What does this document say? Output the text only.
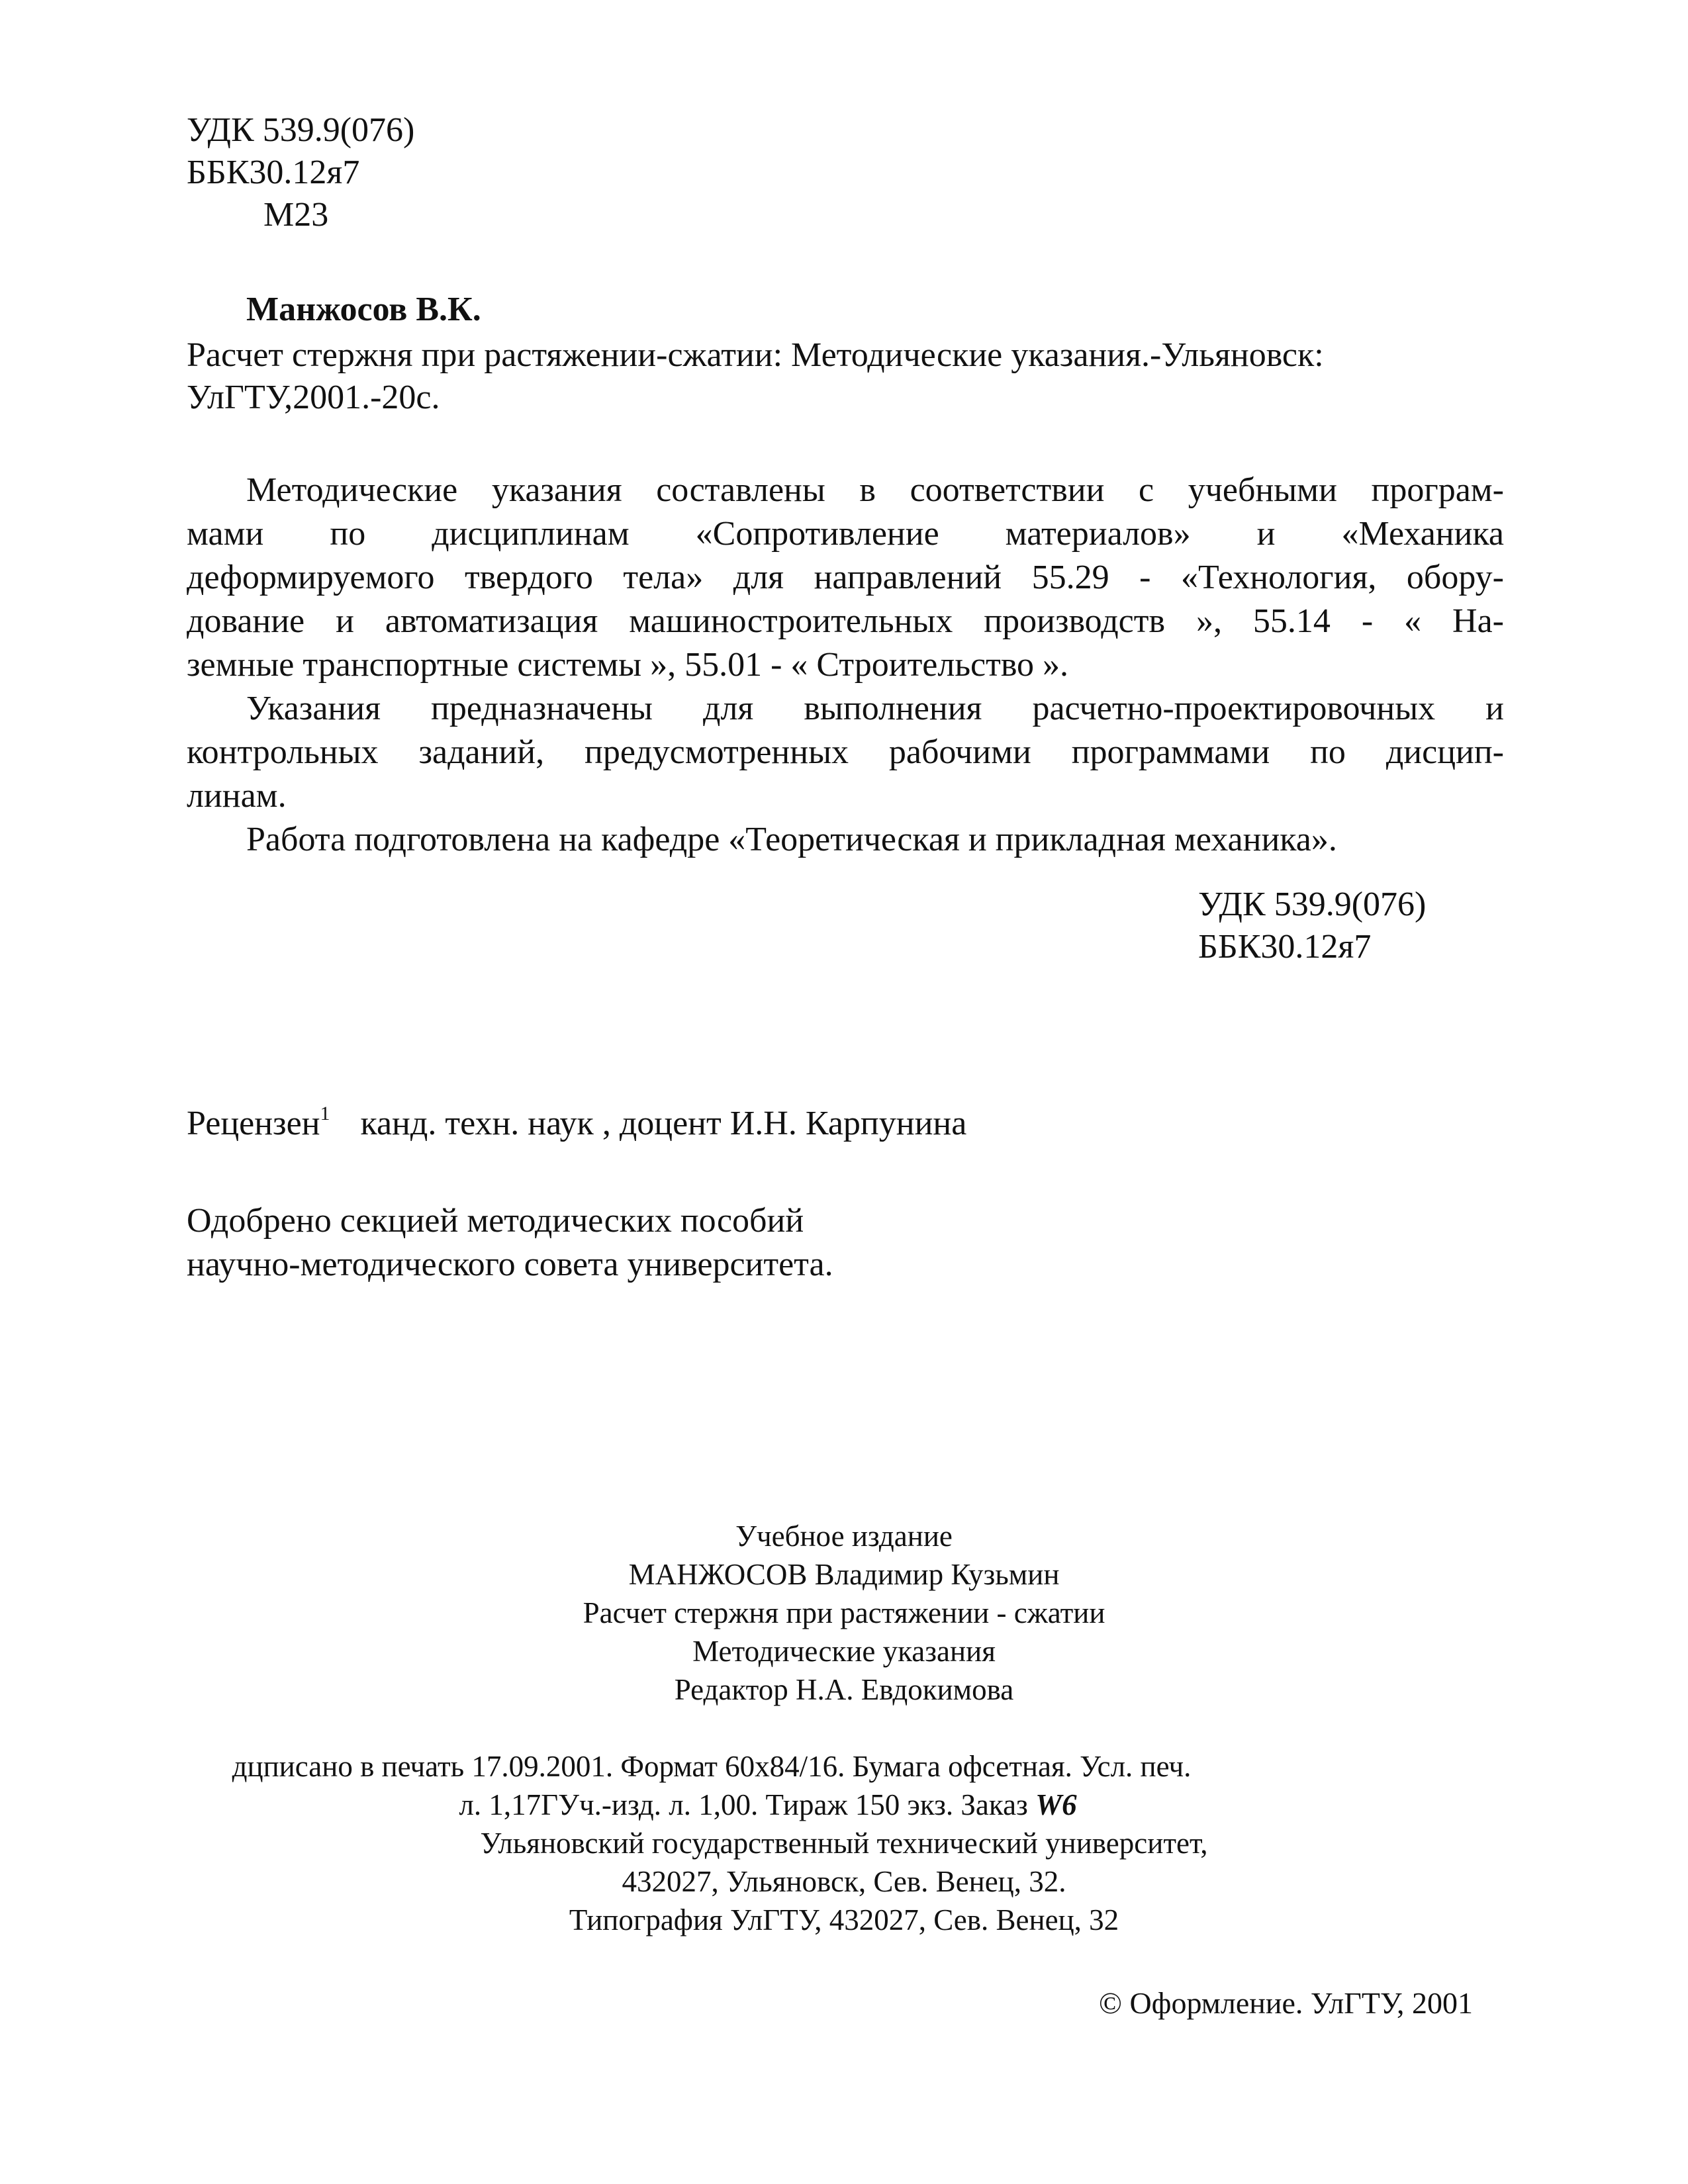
УДК 539.9(076)
ББК30.12я7
М23
Манжосов В.К.
Расчет стержня при растяжении-сжатии: Методические указания.-Ульяновск:
УлГТУ,2001.-20с.
Методические указания составлены в соответствии с учебными програм-
мами по дисциплинам «Сопротивление материалов» и «Механика
деформируемого твердого тела» для направлений 55.29 - «Технология, обору-
дование и автоматизация машиностроительных производств », 55.14 - « На-
земные транспортные системы », 55.01 - « Строительство ».
Указания предназначены для выполнения расчетно-проектировочных и
контрольных заданий, предусмотренных рабочими программами по дисцип-
линам.
Работа подготовлена на кафедре «Теоретическая и прикладная механика».
УДК 539.9(076)
ББК30.12я7
Рецензен$^1$ канд. техн. наук , доцент И.Н. Карпунина
Одобрено секцией методических пособий
научно-методического совета университета.
Учебное издание
МАНЖОСОВ Владимир Кузьмин
Расчет стержня при растяжении - сжатии
Методические указания
Редактор Н.А. Евдокимова
дцписано в печать 17.09.2001. Формат 60x84/16. Бумага офсетная. Усл. печ.
л. 1,17ГУч.-изд. л. 1,00. Тираж 150 экз. Заказ W6
Ульяновский государственный технический университет,
432027, Ульяновск, Сев. Венец, 32.
Типография УлГТУ, 432027, Сев. Венец, 32
© Оформление. УлГТУ, 2001
